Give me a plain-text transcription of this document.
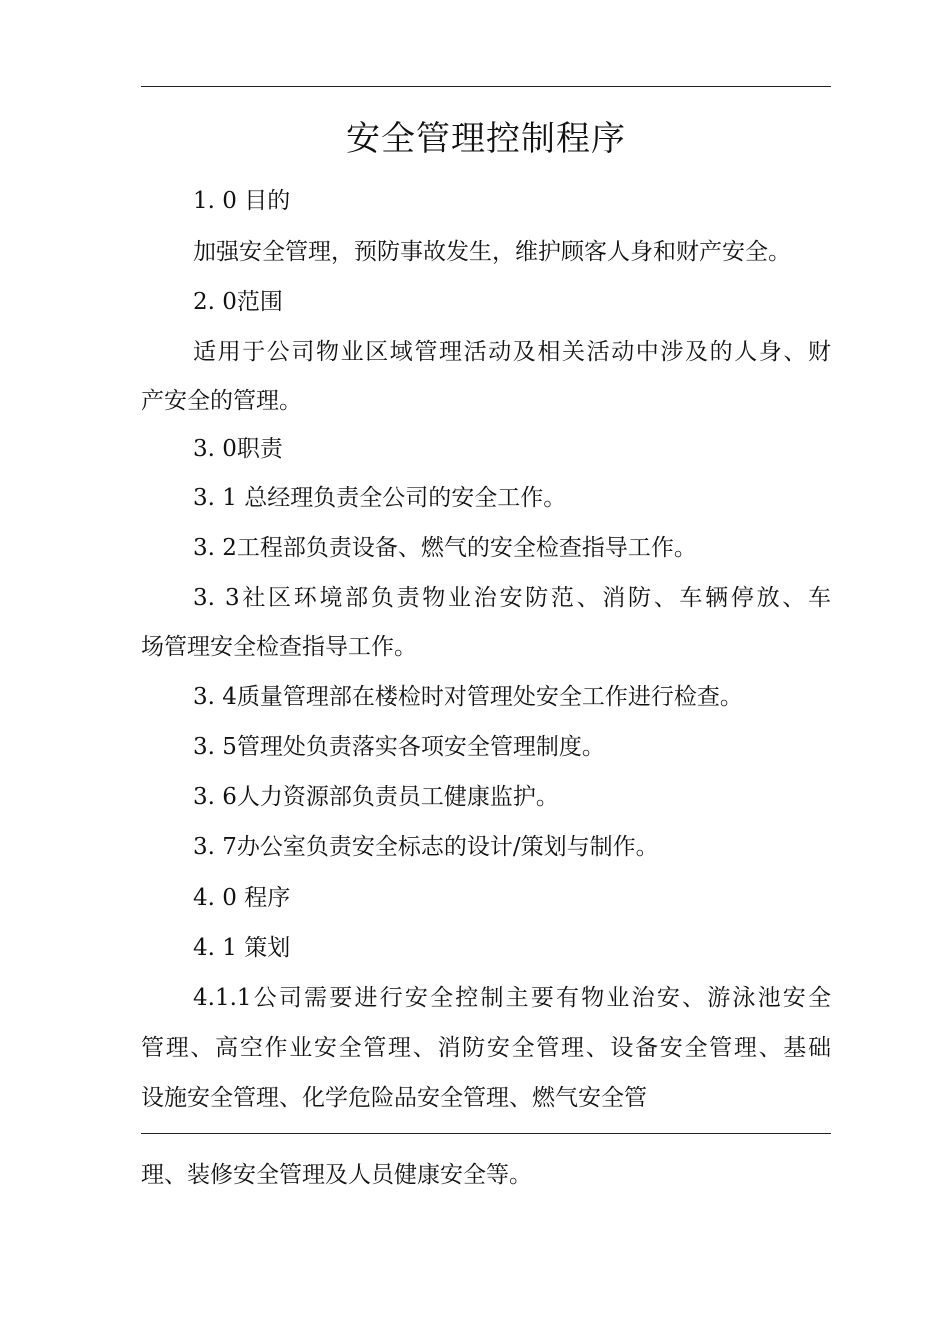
安全管理控制程序
1. 0 目的
加强安全管理，预防事故发生，维护顾客人身和财产安全。
2. 0范围
适用于公司物业区域管理活动及相关活动中涉及的人身、财
产安全的管理。
3. 0职责
3. 1 总经理负责全公司的安全工作。
3. 2工程部负责设备、燃气的安全检查指导工作。
3. 3社区环境部负责物业治安防范、消防、车辆停放、车
场管理安全检查指导工作。
3. 4质量管理部在楼检时对管理处安全工作进行检查。
3. 5管理处负责落实各项安全管理制度。
3. 6人力资源部负责员工健康监护。
3. 7办公室负责安全标志的设计/策划与制作。
4. 0 程序
4. 1 策划
4.1.1公司需要进行安全控制主要有物业治安、游泳池安全
管理、高空作业安全管理、消防安全管理、设备安全管理、基础
设施安全管理、化学危险品安全管理、燃气安全管
理、装修安全管理及人员健康安全等。
